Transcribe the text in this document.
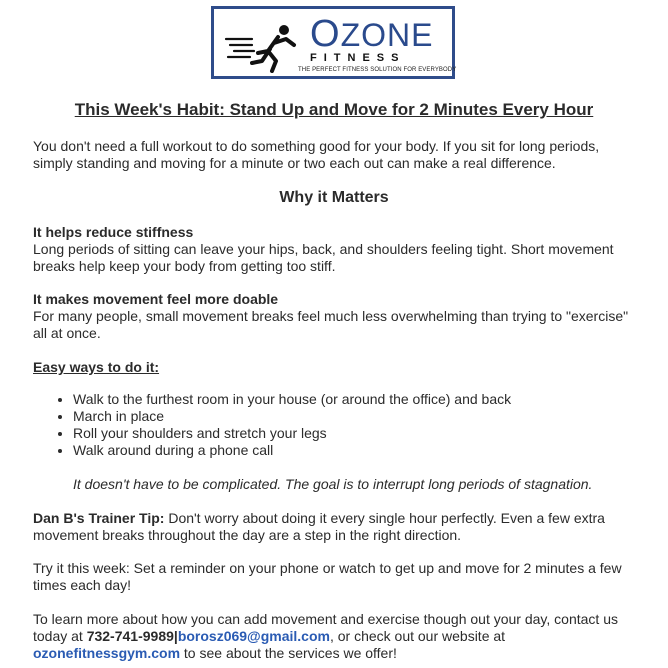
OZONE
FITNESS
THE PERFECT FITNESS SOLUTION FOR EVERYBODY
This Week's Habit: Stand Up and Move for 2 Minutes Every Hour

You don't need a full workout to do something good for your body. If you sit for long periods, simply standing and moving for a minute or two each out can make a real difference.

Why it Matters

It helps reduce stiffness
Long periods of sitting can leave your hips, back, and shoulders feeling tight. Short movement breaks help keep your body from getting too stiff.

It makes movement feel more doable
For many people, small movement breaks feel much less overwhelming than trying to "exercise" all at once.

Easy ways to do it:

• Walk to the furthest room in your house (or around the office) and back
• March in place
• Roll your shoulders and stretch your legs
• Walk around during a phone call

It doesn't have to be complicated. The goal is to interrupt long periods of stagnation.

Dan B's Trainer Tip: Don't worry about doing it every single hour perfectly. Even a few extra movement breaks throughout the day are a step in the right direction.

Try it this week: Set a reminder on your phone or watch to get up and move for 2 minutes a few times each day!

To learn more about how you can add movement and exercise though out your day, contact us today at 732-741-9989|borosz069@gmail.com, or check out our website at
ozonefitnessgym.com to see about the services we offer!
